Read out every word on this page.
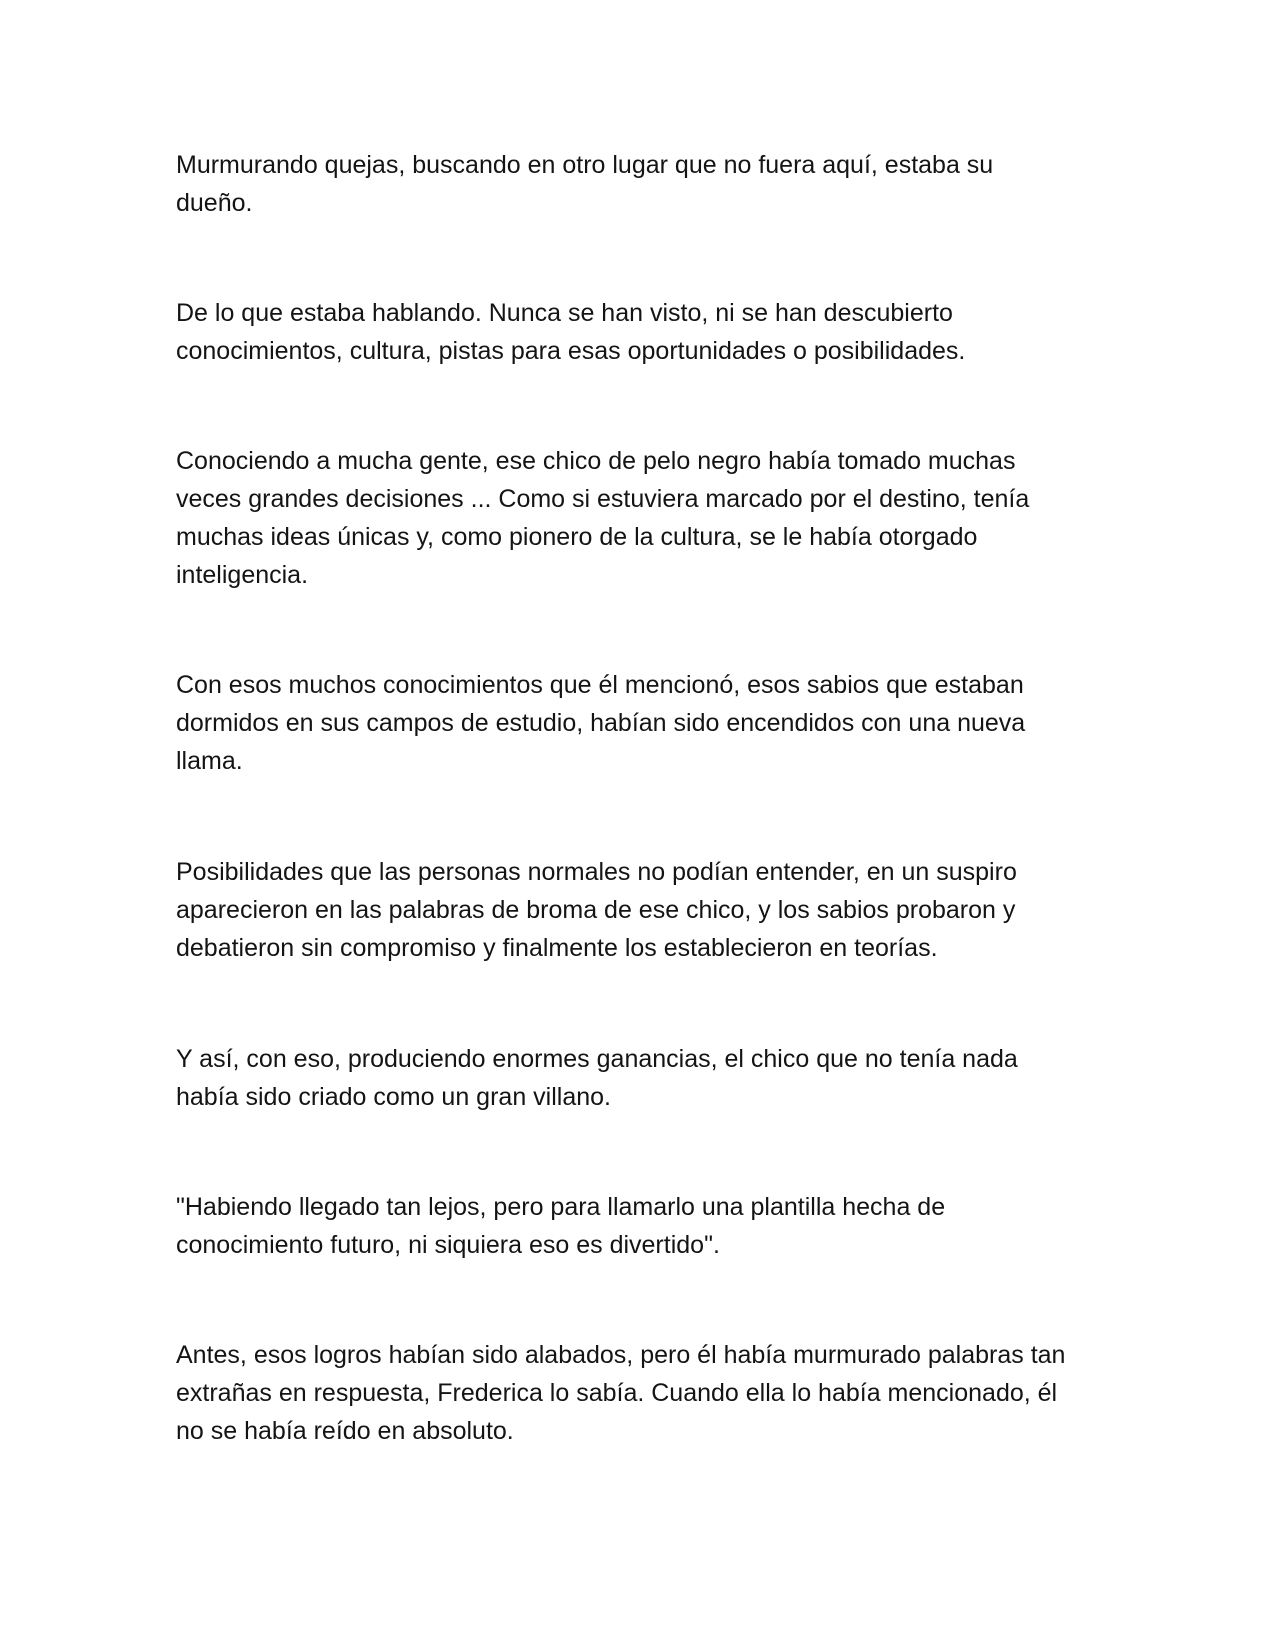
Murmurando quejas, buscando en otro lugar que no fuera aquí, estaba su dueño.

De lo que estaba hablando. Nunca se han visto, ni se han descubierto conocimientos, cultura, pistas para esas oportunidades o posibilidades.

Conociendo a mucha gente, ese chico de pelo negro había tomado muchas veces grandes decisiones ... Como si estuviera marcado por el destino, tenía muchas ideas únicas y, como pionero de la cultura, se le había otorgado inteligencia.

Con esos muchos conocimientos que él mencionó, esos sabios que estaban dormidos en sus campos de estudio, habían sido encendidos con una nueva llama.

Posibilidades que las personas normales no podían entender, en un suspiro aparecieron en las palabras de broma de ese chico, y los sabios probaron y debatieron sin compromiso y finalmente los establecieron en teorías.

Y así, con eso, produciendo enormes ganancias, el chico que no tenía nada había sido criado como un gran villano.

"Habiendo llegado tan lejos, pero para llamarlo una plantilla hecha de conocimiento futuro, ni siquiera eso es divertido".

Antes, esos logros habían sido alabados, pero él había murmurado palabras tan extrañas en respuesta, Frederica lo sabía. Cuando ella lo había mencionado, él no se había reído en absoluto.
